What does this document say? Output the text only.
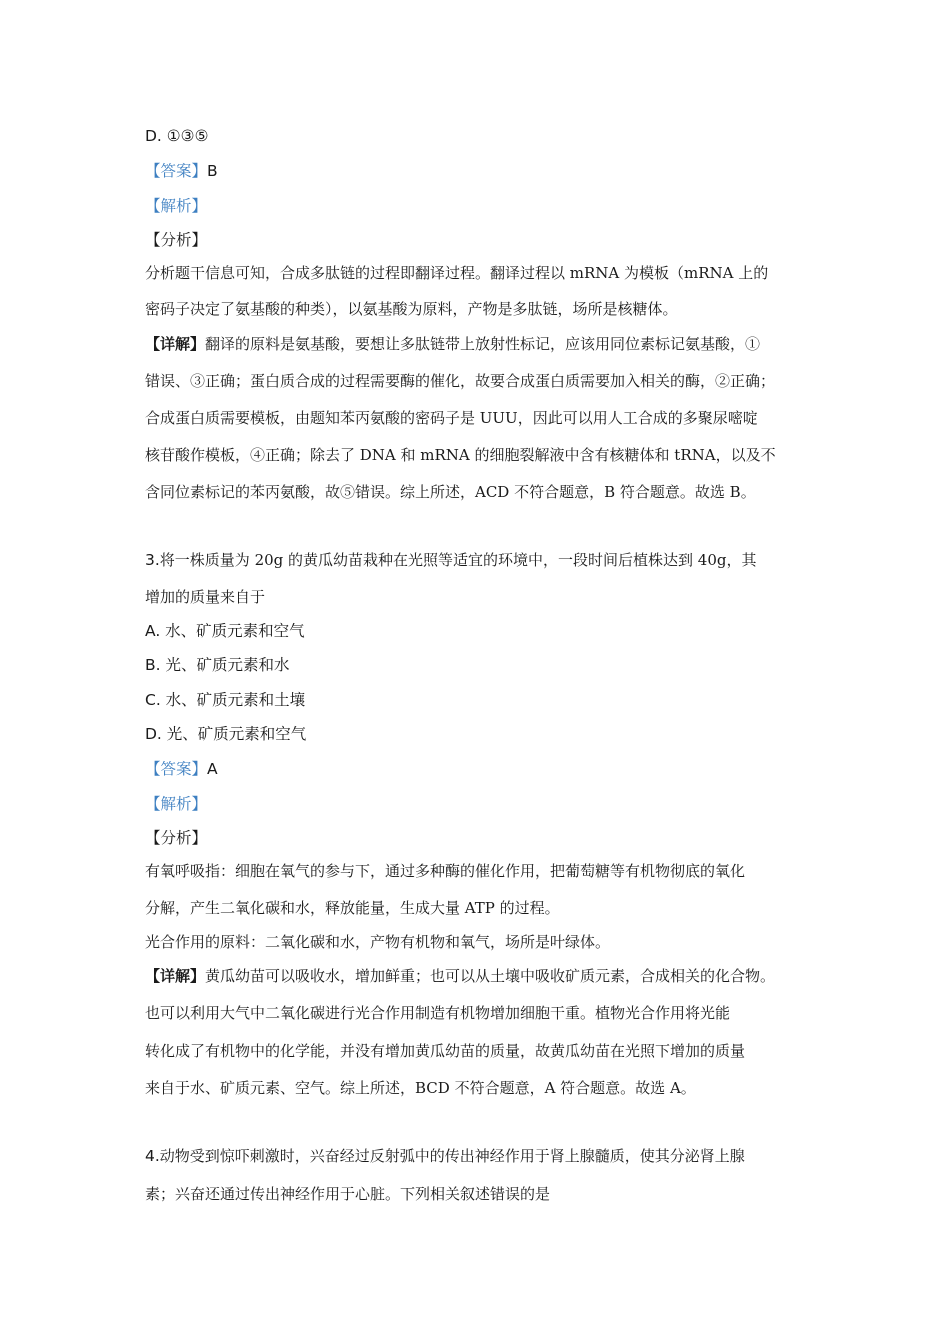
D. ①③⑤
【答案】B
【解析】
【分析】
分析题干信息可知，合成多肽链的过程即翻译过程。翻译过程以 mRNA 为模板（mRNA 上的
密码子决定了氨基酸的种类），以氨基酸为原料，产物是多肽链，场所是核糖体。
【详解】翻译的原料是氨基酸，要想让多肽链带上放射性标记，应该用同位素标记氨基酸，①
错误、③正确；蛋白质合成的过程需要酶的催化，故要合成蛋白质需要加入相关的酶，②正确；
合成蛋白质需要模板，由题知苯丙氨酸的密码子是 UUU，因此可以用人工合成的多聚尿嘧啶
核苷酸作模板，④正确；除去了 DNA 和 mRNA 的细胞裂解液中含有核糖体和 tRNA，以及不
含同位素标记的苯丙氨酸，故⑤错误。综上所述，ACD 不符合题意，B 符合题意。故选 B。
3.将一株质量为 20g 的黄瓜幼苗栽种在光照等适宜的环境中，一段时间后植株达到 40g，其
增加的质量来自于
A. 水、矿质元素和空气
B. 光、矿质元素和水
C. 水、矿质元素和土壤
D. 光、矿质元素和空气
【答案】A
【解析】
【分析】
有氧呼吸指：细胞在氧气的参与下，通过多种酶的催化作用，把葡萄糖等有机物彻底的氧化
分解，产生二氧化碳和水，释放能量，生成大量 ATP 的过程。
光合作用的原料：二氧化碳和水，产物有机物和氧气，场所是叶绿体。
【详解】黄瓜幼苗可以吸收水，增加鲜重；也可以从土壤中吸收矿质元素，合成相关的化合物。
也可以利用大气中二氧化碳进行光合作用制造有机物增加细胞干重。植物光合作用将光能
转化成了有机物中的化学能，并没有增加黄瓜幼苗的质量，故黄瓜幼苗在光照下增加的质量
来自于水、矿质元素、空气。综上所述，BCD 不符合题意，A 符合题意。故选 A。
4.动物受到惊吓刺激时，兴奋经过反射弧中的传出神经作用于肾上腺髓质，使其分泌肾上腺
素；兴奋还通过传出神经作用于心脏。下列相关叙述错误的是
